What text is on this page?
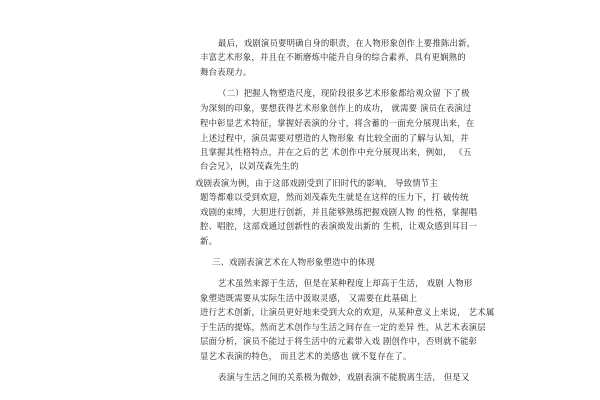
最后，戏剧演员要明确自身的职责，在人物形象创作上要推陈出新，
丰富艺术形象，并且在不断磨炼中能升自身的综合素养，具有更娴熟的
舞台表现力。
（二）把握人物塑造尺度，现阶段很多艺术形象都给观众留 下了极
为深刻的印象，要想获得艺术形象创作上的成功， 就需要 演员在表演过
程中彰显艺术特征，掌握好表演的分寸，将含蓄的一面充分展现出来，在
上述过程中，演员需要对塑造的人物形象 有比较全面的了解与认知，并
且掌握其性格特点，并在之后的艺 术创作中充分展现出来，例如， 《五
台会兄》，以刘茂森先生的
戏剧表演为例，由于这部戏剧受到了旧时代的影响， 导致情节主
题等都难以受到欢迎，然而刘茂森先生就是在这样的压力下，打 破传统
戏剧的束缚，大胆进行创新，并且能够熟练把握戏剧人物 的性格，掌握唱
腔、唱腔，这部戏通过创新性的表演焕发出新的 生机，让观众感到耳目一
新。
三、戏剧表演艺术在人物形象塑造中的体现
艺术虽然来源于生活，但是在某种程度上却高于生活， 戏剧 人物形
象塑造既需要从实际生活中汲取灵感， 又需要在此基础上
进行艺术创新，让演员更好地来受到大众的欢迎，从某种意义上来说， 艺术属
于生活的提炼，然而艺术创作与生活之间存在一定的差异 性，从艺术表演层
层面分析，演员不能过于将生活中的元素带入戏 剧创作中，否则就不能彰
显艺术表演的特色， 而且艺术的美感也 就不复存在了。
表演与生活之间的关系极为微妙，戏剧表演不能脱离生活， 但是又
